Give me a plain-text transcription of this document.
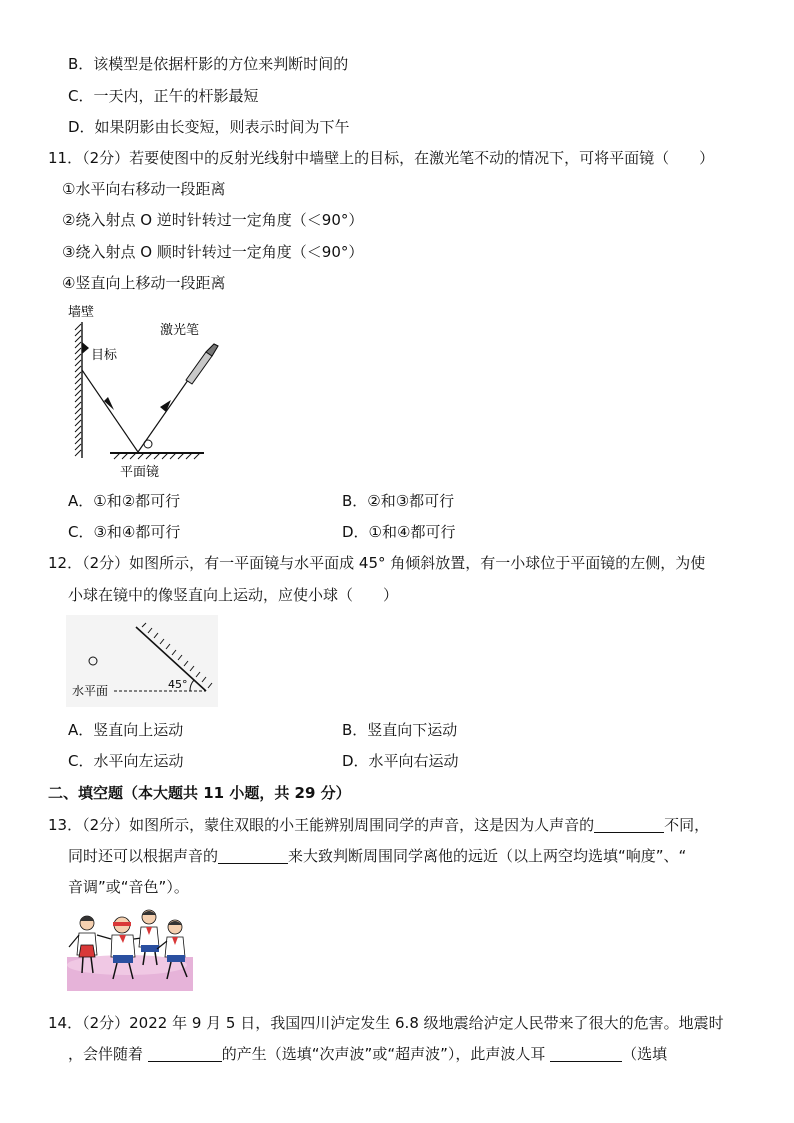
B．该模型是依据杆影的方位来判断时间的
C．一天内，正午的杆影最短
D．如果阴影由长变短，则表示时间为下午
11．（2分）若要使图中的反射光线射中墙壁上的目标，在激光笔不动的情况下，可将平面镜（　　）
①水平向右移动一段距离
②绕入射点 O 逆时针转过一定角度（＜90°）
③绕入射点 O 顺时针转过一定角度（＜90°）
④竖直向上移动一段距离
墙壁
激光笔
目标
平面镜
A．①和②都可行	B．②和③都可行
C．③和④都可行	D．①和④都可行
12．（2分）如图所示，有一平面镜与水平面成 45° 角倾斜放置，有一小球位于平面镜的左侧，为使
小球在镜中的像竖直向上运动，应使小球（　　）
水平面	45°
A．竖直向上运动	B．竖直向下运动
C．水平向左运动	D．水平向右运动
二、填空题（本大题共 11 小题，共 29 分）
13．（2分）如图所示，蒙住双眼的小王能辨别周围同学的声音，这是因为人声音的	不同，
同时还可以根据声音的	来大致判断周围同学离他的远近（以上两空均选填“响度”、“
音调”或“音色”）。
14．（2分）2022 年 9 月 5 日，我国四川泸定发生 6.8 级地震给泸定人民带来了很大的危害。地震时
，会伴随着	的产生（选填“次声波”或“超声波”），此声波人耳	（选填
